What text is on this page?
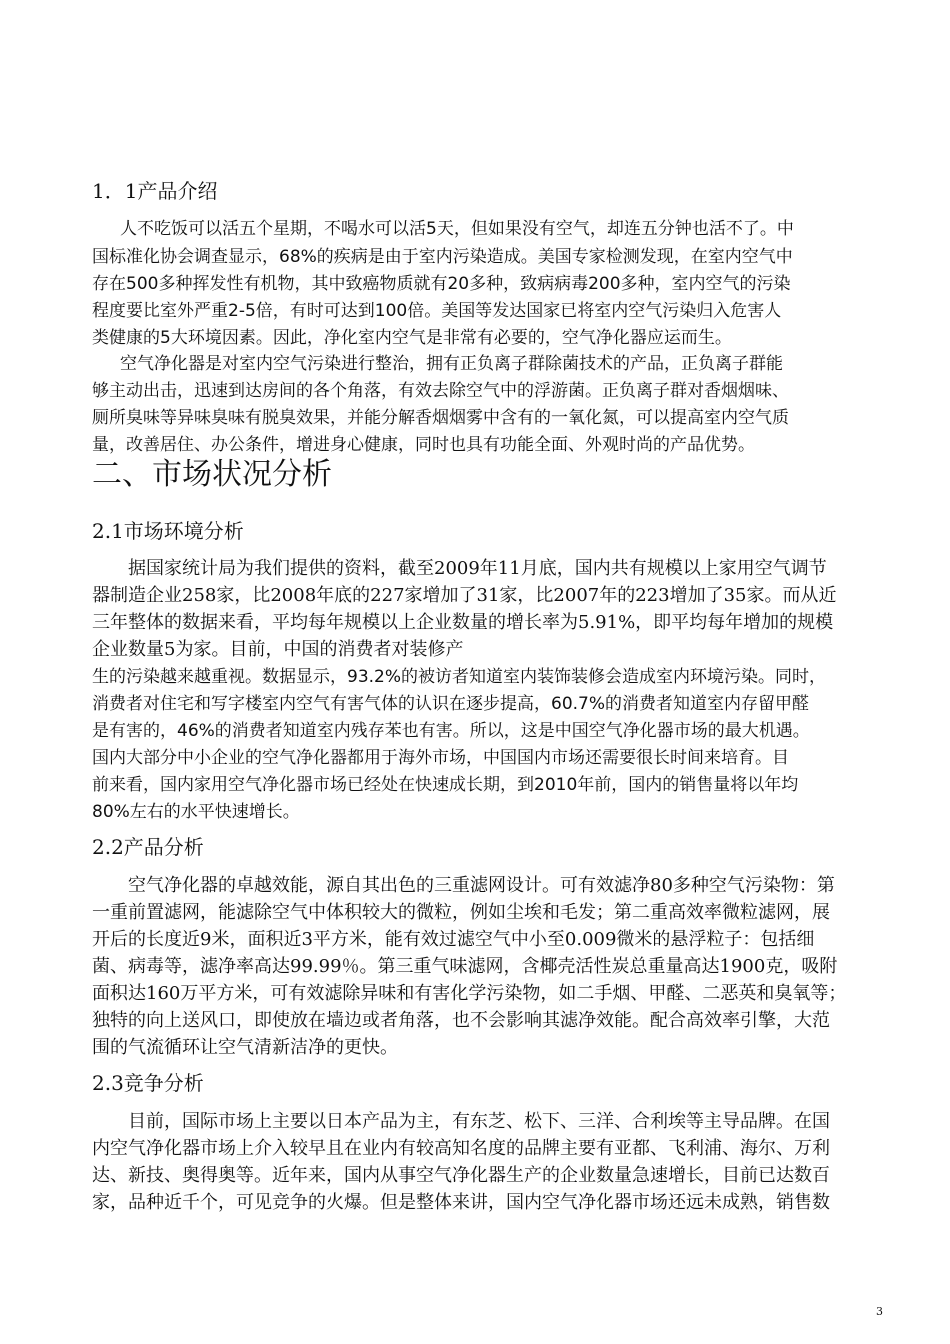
1．1产品介绍

人不吃饭可以活五个星期，不喝水可以活5天，但如果没有空气，却连五分钟也活不了。中

国标准化协会调查显示，68%的疾病是由于室内污染造成。美国专家检测发现，在室内空气中

存在500多种挥发性有机物，其中致癌物质就有20多种，致病病毒200多种，室内空气的污染

程度要比室外严重2-5倍，有时可达到100倍。美国等发达国家已将室内空气污染归入危害人

类健康的5大环境因素。因此，净化室内空气是非常有必要的，空气净化器应运而生。

空气净化器是对室内空气污染进行整治，拥有正负离子群除菌技术的产品，正负离子群能

够主动出击，迅速到达房间的各个角落，有效去除空气中的浮游菌。正负离子群对香烟烟味、

厕所臭味等异味臭味有脱臭效果，并能分解香烟烟雾中含有的一氧化氮，可以提高室内空气质

量，改善居住、办公条件，增进身心健康，同时也具有功能全面、外观时尚的产品优势。

二、市场状况分析
2.1市场环境分析

据国家统计局为我们提供的资料，截至2009年11月底，国内共有规模以上家用空气调节

器制造企业258家，比2008年底的227家增加了31家，比2007年的223增加了35家。而从近

三年整体的数据来看，平均每年规模以上企业数量的增长率为5.91%，即平均每年增加的规模

企业数量5为家。目前，中国的消费者对装修产

生的污染越来越重视。数据显示，93.2%的被访者知道室内装饰装修会造成室内环境污染。同时，

消费者对住宅和写字楼室内空气有害气体的认识在逐步提高，60.7%的消费者知道室内存留甲醛

是有害的，46%的消费者知道室内残存苯也有害。所以，这是中国空气净化器市场的最大机遇。

国内大部分中小企业的空气净化器都用于海外市场，中国国内市场还需要很长时间来培育。目

前来看，国内家用空气净化器市场已经处在快速成长期，到2010年前，国内的销售量将以年均

80%左右的水平快速增长。

2.2产品分析

空气净化器的卓越效能，源自其出色的三重滤网设计。可有效滤净80多种空气污染物：第

一重前置滤网，能滤除空气中体积较大的微粒，例如尘埃和毛发；第二重高效率微粒滤网，展

开后的长度近9米，面积近3平方米，能有效过滤空气中小至0.009微米的悬浮粒子：包括细

菌、病毒等，滤净率高达99.99％。第三重气味滤网，含椰壳活性炭总重量高达1900克，吸附

面积达160万平方米，可有效滤除异味和有害化学污染物，如二手烟、甲醛、二恶英和臭氧等；

独特的向上送风口，即使放在墙边或者角落，也不会影响其滤净效能。配合高效率引擎，大范

围的气流循环让空气清新洁净的更快。

2.3竞争分析

目前，国际市场上主要以日本产品为主，有东芝、松下、三洋、合利埃等主导品牌。在国

内空气净化器市场上介入较早且在业内有较高知名度的品牌主要有亚都、飞利浦、海尔、万利

达、新技、奥得奥等。近年来，国内从事空气净化器生产的企业数量急速增长，目前已达数百

家，品种近千个，可见竞争的火爆。但是整体来讲，国内空气净化器市场还远未成熟，销售数

3
